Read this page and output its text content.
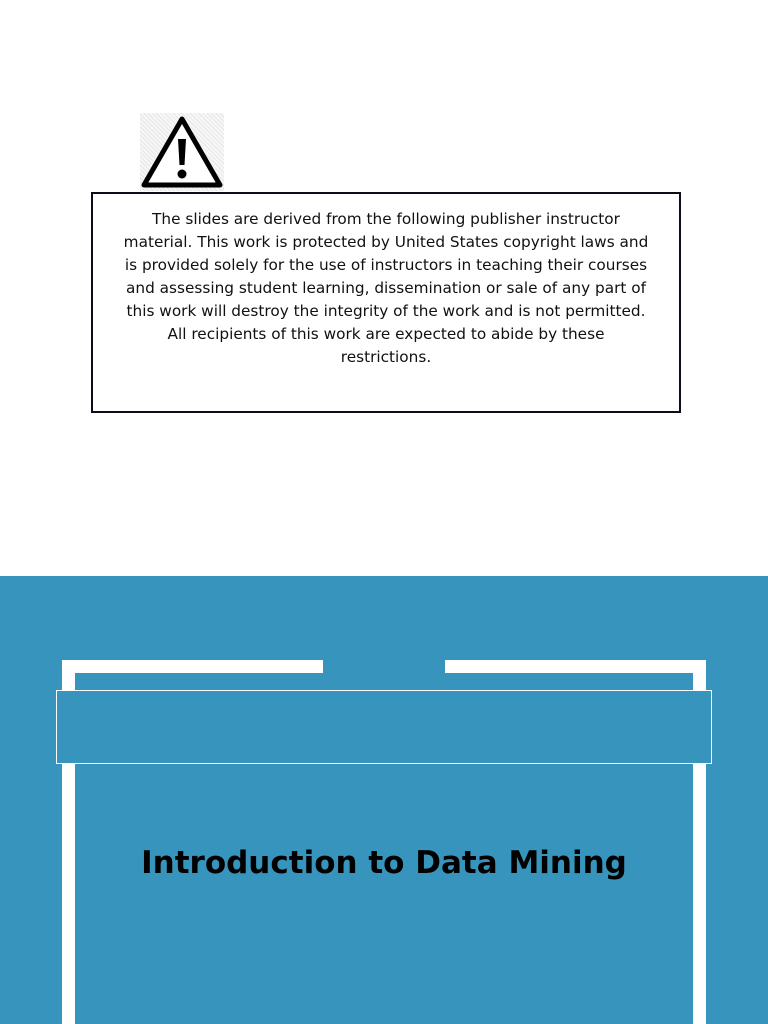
The slides are derived from the following publisher instructor material. This work is protected by United States copyright laws and is provided solely for the use of instructors in teaching their courses and assessing student learning, dissemination or sale of any part of this work will destroy the integrity of the work and is not permitted. All recipients of this work are expected to abide by these restrictions.

Introduction to Data Mining
